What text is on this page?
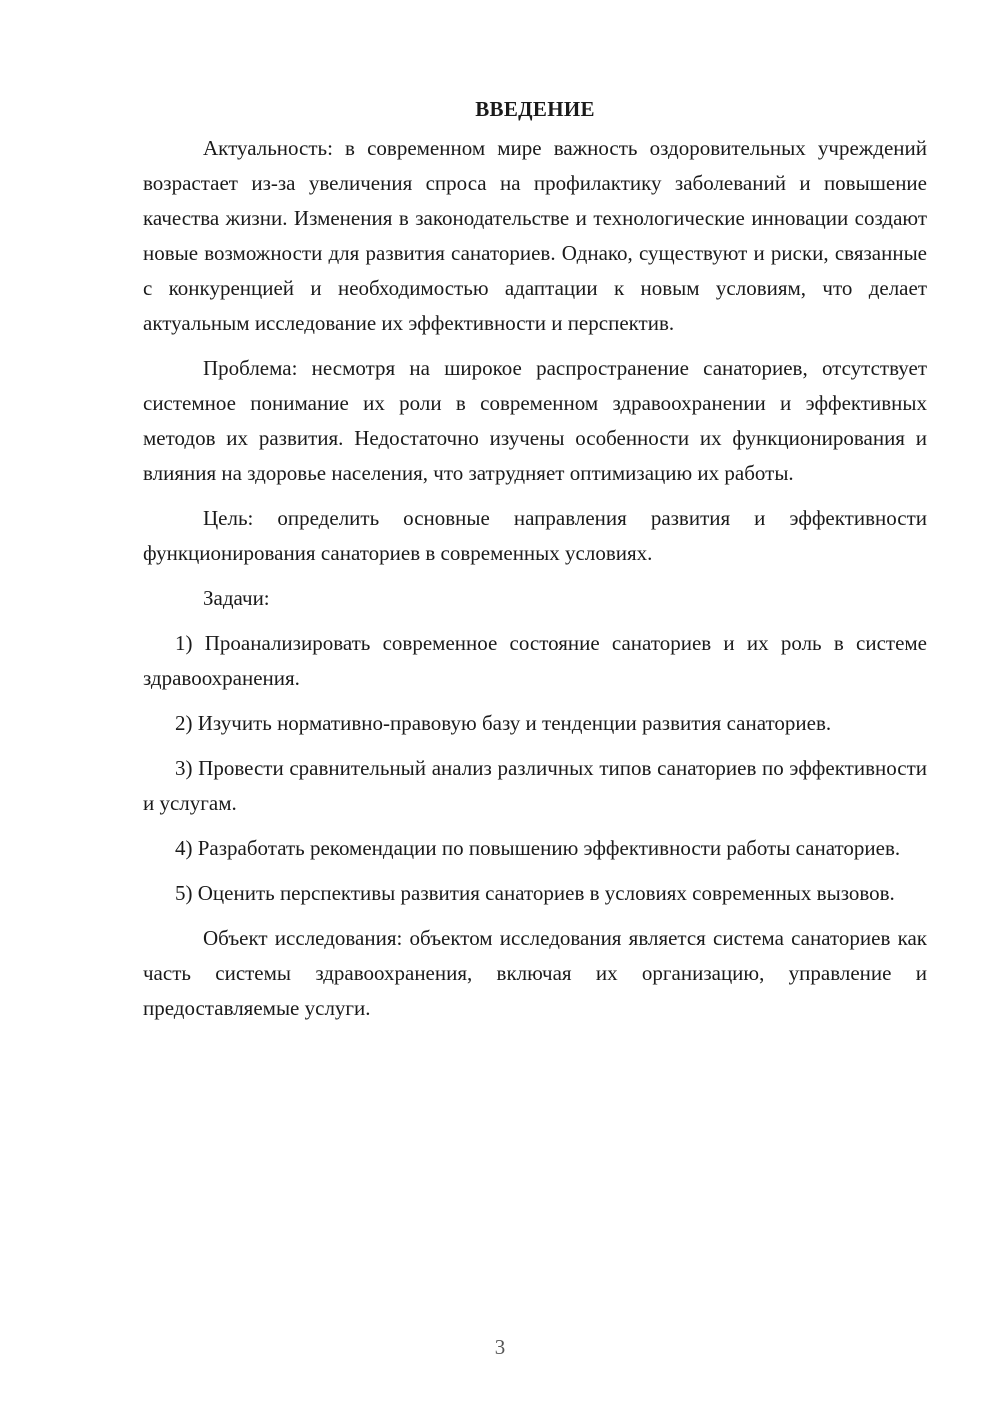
ВВЕДЕНИЕ

Актуальность: в современном мире важность оздоровительных учреждений возрастает из-за увеличения спроса на профилактику заболеваний и повышение качества жизни. Изменения в законодательстве и технологические инновации создают новые возможности для развития санаториев. Однако, существуют и риски, связанные с конкуренцией и необходимостью адаптации к новым условиям, что делает актуальным исследование их эффективности и перспектив.

Проблема: несмотря на широкое распространение санаториев, отсутствует системное понимание их роли в современном здравоохранении и эффективных методов их развития. Недостаточно изучены особенности их функционирования и влияния на здоровье населения, что затрудняет оптимизацию их работы.

Цель: определить основные направления развития и эффективности функционирования санаториев в современных условиях.

Задачи:

1) Проанализировать современное состояние санаториев и их роль в системе здравоохранения.

2) Изучить нормативно-правовую базу и тенденции развития санаториев.

3) Провести сравнительный анализ различных типов санаториев по эффективности и услугам.

4) Разработать рекомендации по повышению эффективности работы санаториев.

5) Оценить перспективы развития санаториев в условиях современных вызовов.

Объект исследования: объектом исследования является система санаториев как часть системы здравоохранения, включая их организацию, управление и предоставляемые услуги.

3
